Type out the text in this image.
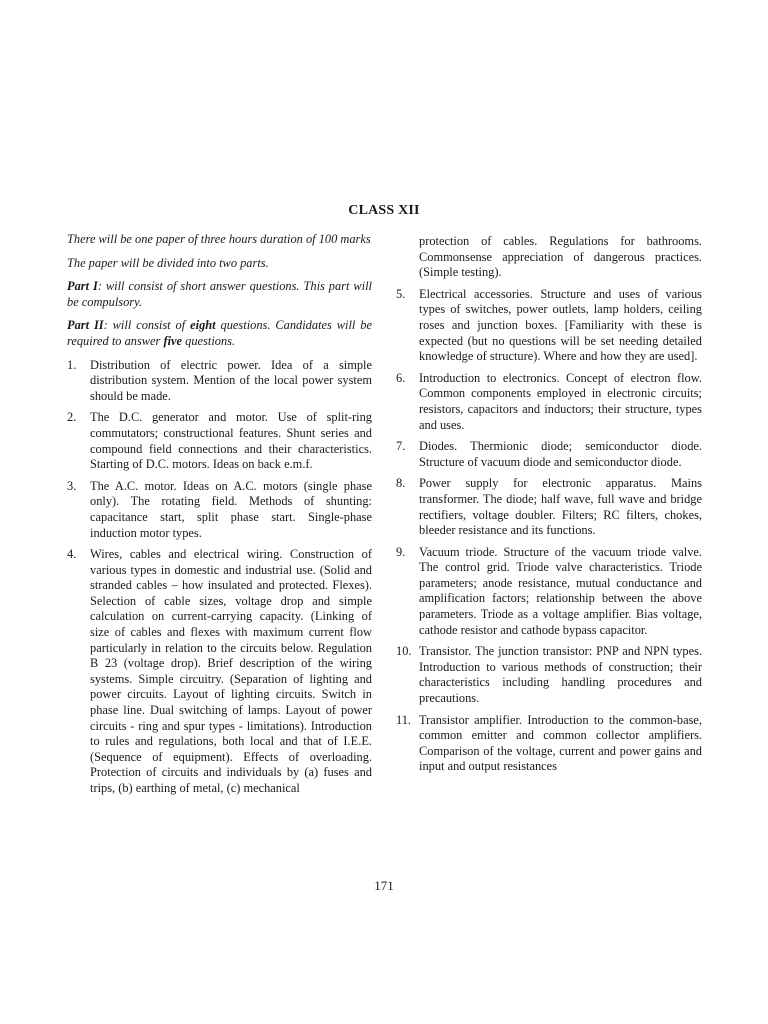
CLASS XII

There will be one paper of three hours duration of 100 marks

The paper will be divided into two parts.

Part I: will consist of short answer questions. This part will be compulsory.

Part II: will consist of eight questions. Candidates will be required to answer five questions.

1.	Distribution of electric power. Idea of a simple distribution system. Mention of the local power system should be made.
2.	The D.C. generator and motor. Use of split-ring commutators; constructional features. Shunt series and compound field connections and their characteristics. Starting of D.C. motors. Ideas on back e.m.f.
3.	The A.C. motor. Ideas on A.C. motors (single phase only). The rotating field. Methods of shunting: capacitance start, split phase start. Single-phase induction motor types.
4.	Wires, cables and electrical wiring. Construction of various types in domestic and industrial use. (Solid and stranded cables – how insulated and protected. Flexes). Selection of cable sizes, voltage drop and simple calculation on current-carrying capacity. (Linking of size of cables and flexes with maximum current flow particularly in relation to the circuits below. Regulation B 23 (voltage drop). Brief description of the wiring systems. Simple circuitry. (Separation of lighting and power circuits. Layout of lighting circuits. Switch in phase line. Dual switching of lamps. Layout of power circuits - ring and spur types - limitations). Introduction to rules and regulations, both local and that of I.E.E. (Sequence of equipment). Effects of overloading. Protection of circuits and individuals by (a) fuses and trips, (b) earthing of metal, (c) mechanical
protection of cables. Regulations for bathrooms. Commonsense appreciation of dangerous practices. (Simple testing).
5.	Electrical accessories. Structure and uses of various types of switches, power outlets, lamp holders, ceiling roses and junction boxes. [Familiarity with these is expected (but no questions will be set needing detailed knowledge of structure). Where and how they are used].
6.	Introduction to electronics. Concept of electron flow. Common components employed in electronic circuits; resistors, capacitors and inductors; their structure, types and uses.
7.	Diodes. Thermionic diode; semiconductor diode. Structure of vacuum diode and semiconductor diode.
8.	Power supply for electronic apparatus. Mains transformer. The diode; half wave, full wave and bridge rectifiers, voltage doubler. Filters; RC filters, chokes, bleeder resistance and its functions.
9.	Vacuum triode. Structure of the vacuum triode valve. The control grid. Triode valve characteristics. Triode parameters; anode resistance, mutual conductance and amplification factors; relationship between the above parameters. Triode as a voltage amplifier. Bias voltage, cathode resistor and cathode bypass capacitor.
10. Transistor. The junction transistor: PNP and NPN types. Introduction to various methods of construction; their characteristics including handling procedures and precautions.
11. Transistor amplifier. Introduction to the common-base, common emitter and common collector amplifiers. Comparison of the voltage, current and power gains and input and output resistances
171
